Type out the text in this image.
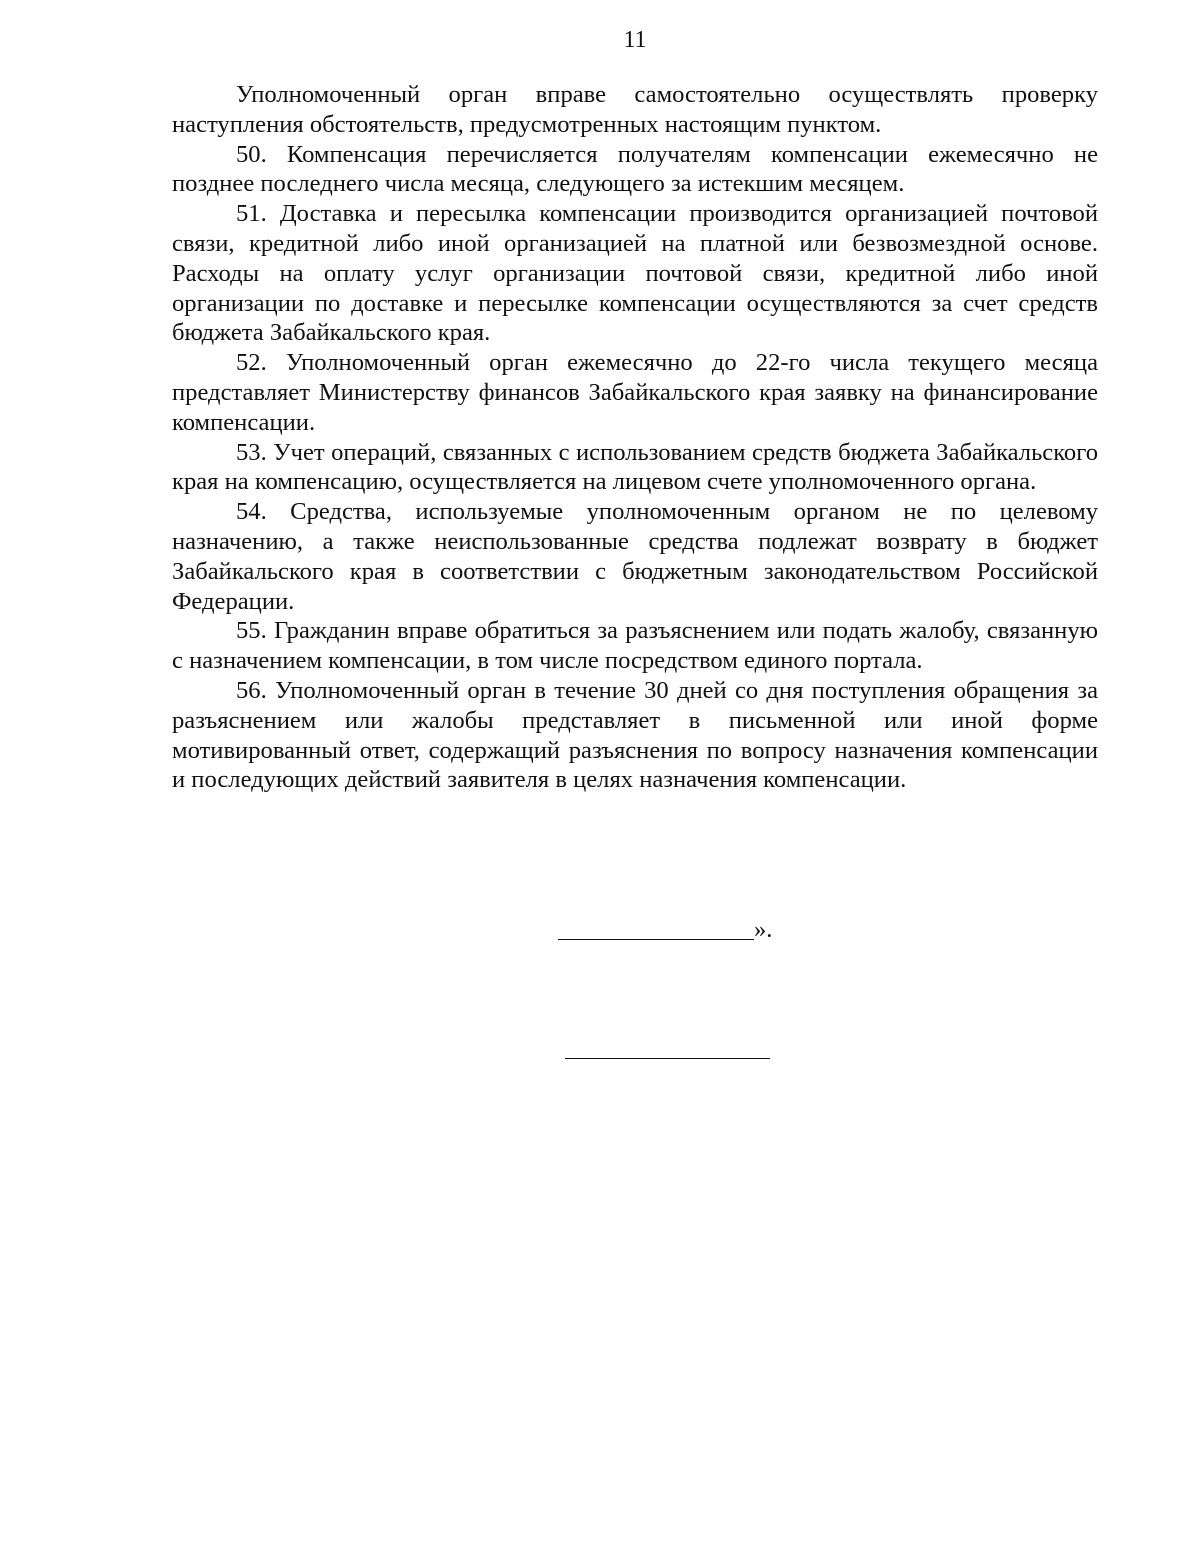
11

Уполномоченный орган вправе самостоятельно осуществлять проверку наступления обстоятельств, предусмотренных настоящим пунктом.

50. Компенсация перечисляется получателям компенсации ежемесячно не позднее последнего числа месяца, следующего за истекшим месяцем.

51. Доставка и пересылка компенсации производится организацией почтовой связи, кредитной либо иной организацией на платной или безвозмездной основе. Расходы на оплату услуг организации почтовой связи, кредитной либо иной организации по доставке и пересылке компенсации осуществляются за счет средств бюджета Забайкальского края.

52. Уполномоченный орган ежемесячно до 22-го числа текущего месяца представляет Министерству финансов Забайкальского края заявку на финансирование компенсации.

53. Учет операций, связанных с использованием средств бюджета Забайкальского края на компенсацию, осуществляется на лицевом счете уполномоченного органа.

54. Средства, используемые уполномоченным органом не по целевому назначению, а также неиспользованные средства подлежат возврату в бюджет Забайкальского края в соответствии с бюджетным законодательством Российской Федерации.

55. Гражданин вправе обратиться за разъяснением или подать жалобу, связанную с назначением компенсации, в том числе посредством единого портала.

56. Уполномоченный орган в течение 30 дней со дня поступления обращения за разъяснением или жалобы представляет в письменной или иной форме мотивированный ответ, содержащий разъяснения по вопросу назначения компенсации и последующих действий заявителя в целях назначения компенсации.

».
